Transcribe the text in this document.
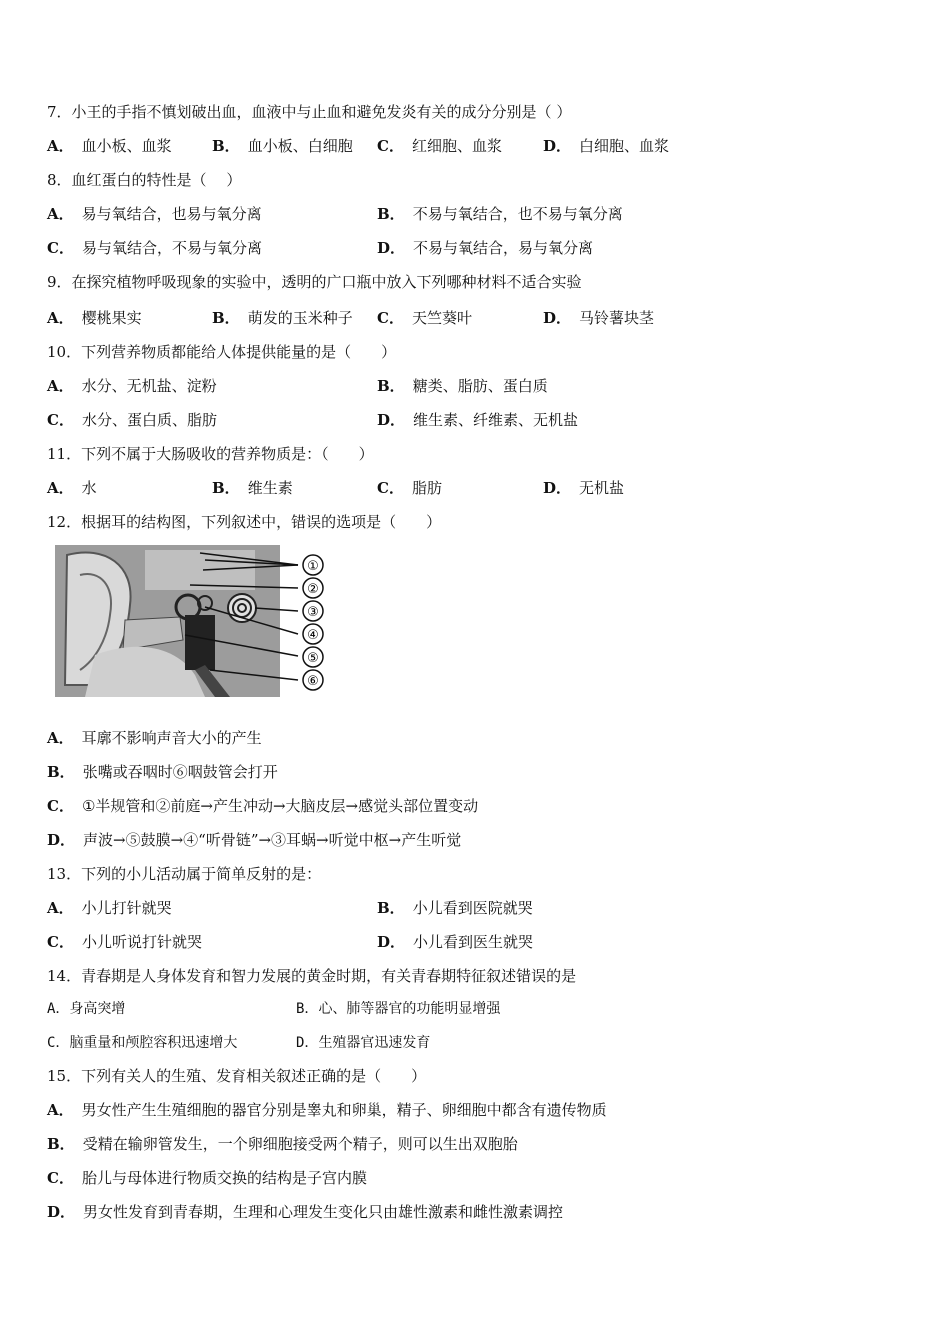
7．小王的手指不慎划破出血，血液中与止血和避免发炎有关的成分分别是（ ）
A． 血小板、血浆	B． 血小板、白细胞 C． 红细胞、血浆	D． 白细胞、血浆
8．血红蛋白的特性是（　 ）
A． 易与氧结合，也易与氧分离	B． 不易与氧结合，也不易与氧分离
C． 易与氧结合，不易与氧分离	D． 不易与氧结合，易与氧分离
9．在探究植物呼吸现象的实验中，透明的广口瓶中放入下列哪种材料不适合实验
A． 樱桃果实	B． 萌发的玉米种子 C． 天竺葵叶	D． 马铃薯块茎
10．下列营养物质都能给人体提供能量的是（　　）
A． 水分、无机盐、淀粉	B． 糖类、脂肪、蛋白质
C． 水分、蛋白质、脂肪	D． 维生素、纤维素、无机盐
11．下列不属于大肠吸收的营养物质是：（　　）
A． 水	B． 维生素	C． 脂肪	D． 无机盐
12．根据耳的结构图，下列叙述中，错误的选项是（　　）
①
②
③
④
⑤
⑥
A． 耳廓不影响声音大小的产生
B． 张嘴或吞咽时⑥咽鼓管会打开
C． ①半规管和②前庭→产生冲动→大脑皮层→感觉头部位置变动
D． 声波→⑤鼓膜→④“听骨链”→③耳蜗→听觉中枢→产生听觉
13．下列的小儿活动属于简单反射的是：
A． 小儿打针就哭	B． 小儿看到医院就哭
C． 小儿听说打针就哭	D． 小儿看到医生就哭
14．青春期是人身体发育和智力发展的黄金时期，有关青春期特征叙述错误的是
A．身高突增	B．心、肺等器官的功能明显增强
C．脑重量和颅腔容积迅速增大	D．生殖器官迅速发育
15．下列有关人的生殖、发育相关叙述正确的是（　　）
A． 男女性产生生殖细胞的器官分别是睾丸和卵巢，精子、卵细胞中都含有遗传物质
B． 受精在输卵管发生，一个卵细胞接受两个精子，则可以生出双胞胎
C． 胎儿与母体进行物质交换的结构是子宫内膜
D． 男女性发育到青春期，生理和心理发生变化只由雄性激素和雌性激素调控
